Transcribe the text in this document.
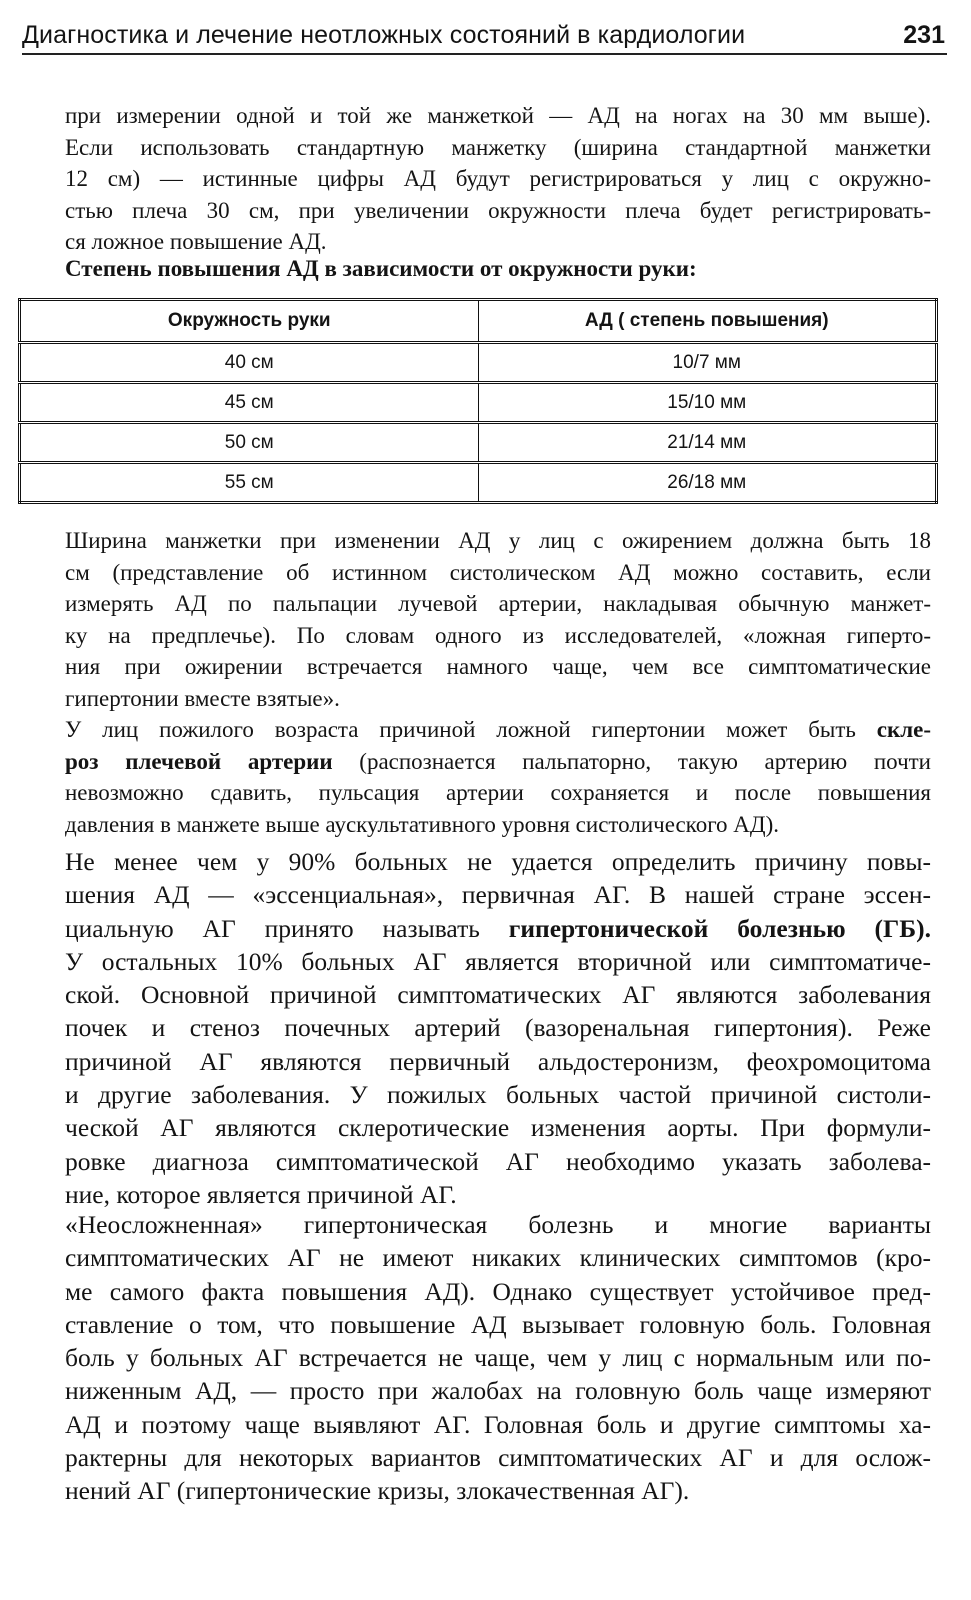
Диагностика и лечение неотложных состояний в кардиологии	231
при измерении одной и той же манжеткой — АД на ногах на 30 мм выше).
Если использовать стандартную манжетку (ширина стандартной манжетки
12 см) — истинные цифры АД будут регистрироваться у лиц с окружно-
стью плеча 30 см, при увеличении окружности плеча будет регистрировать-
ся ложное повышение АД.
Степень повышения АД в зависимости от окружности руки:
Окружность руки	АД ( степень повышения)
40 см	10/7 мм
45 см	15/10 мм
50 см	21/14 мм
55 см	26/18 мм
Ширина манжетки при изменении АД у лиц с ожирением должна быть 18
см (представление об истинном систолическом АД можно составить, если
измерять АД по пальпации лучевой артерии, накладывая обычную манжет-
ку на предплечье). По словам одного из исследователей, «ложная гиперто-
ния при ожирении встречается намного чаще, чем все симптоматические
гипертонии вместе взятые».
У лиц пожилого возраста причиной ложной гипертонии может быть скле-
роз плечевой артерии (распознается пальпаторно, такую артерию почти
невозможно сдавить, пульсация артерии сохраняется и после повышения
давления в манжете выше аускультативного уровня систолического АД).
Не менее чем у 90% больных не удается определить причину повы-
шения АД — «эссенциальная», первичная АГ. В нашей стране эссен-
циальную АГ принято называть гипертонической болезнью (ГБ).
У остальных 10% больных АГ является вторичной или симптоматиче-
ской. Основной причиной симптоматических АГ являются заболевания
почек и стеноз почечных артерий (вазоренальная гипертония). Реже
причиной АГ являются первичный альдостеронизм, феохромоцитома
и другие заболевания. У пожилых больных частой причиной систоли-
ческой АГ являются склеротические изменения аорты. При формули-
ровке диагноза симптоматической АГ необходимо указать заболева-
ние, которое является причиной АГ.
«Неосложненная» гипертоническая болезнь и многие варианты
симптоматических АГ не имеют никаких клинических симптомов (кро-
ме самого факта повышения АД). Однако существует устойчивое пред-
ставление о том, что повышение АД вызывает головную боль. Головная
боль у больных АГ встречается не чаще, чем у лиц с нормальным или по-
ниженным АД, — просто при жалобах на головную боль чаще измеряют
АД и поэтому чаще выявляют АГ. Головная боль и другие симптомы ха-
рактерны для некоторых вариантов симптоматических АГ и для ослож-
нений АГ (гипертонические кризы, злокачественная АГ).
